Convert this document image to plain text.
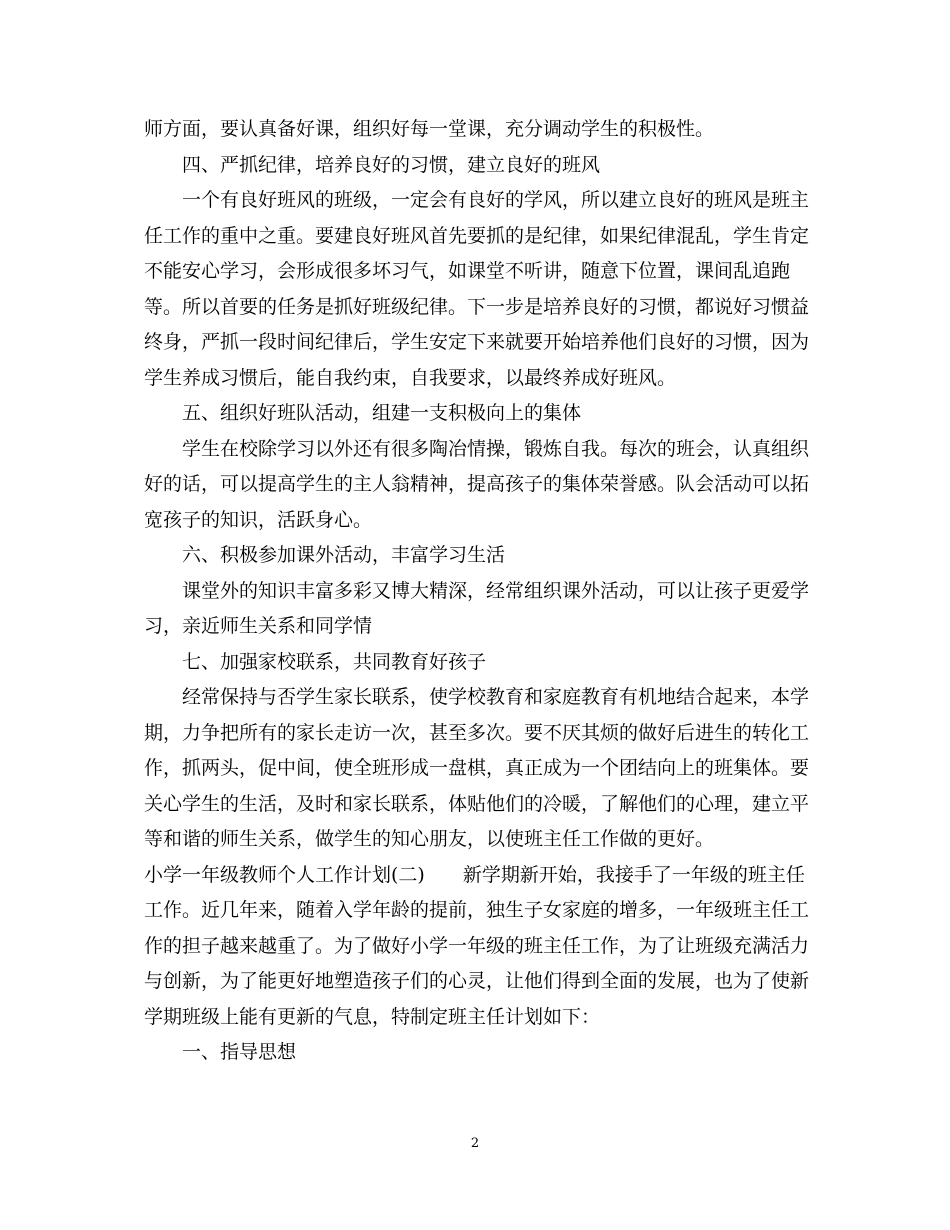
师方面，要认真备好课，组织好每一堂课，充分调动学生的积极性。
四、严抓纪律，培养良好的习惯，建立良好的班风
一个有良好班风的班级，一定会有良好的学风，所以建立良好的班风是班主
任工作的重中之重。要建良好班风首先要抓的是纪律，如果纪律混乱，学生肯定
不能安心学习，会形成很多坏习气，如课堂不听讲，随意下位置，课间乱追跑
等。所以首要的任务是抓好班级纪律。下一步是培养良好的习惯，都说好习惯益
终身，严抓一段时间纪律后，学生安定下来就要开始培养他们良好的习惯，因为
学生养成习惯后，能自我约束，自我要求，以最终养成好班风。
五、组织好班队活动，组建一支积极向上的集体
学生在校除学习以外还有很多陶冶情操，锻炼自我。每次的班会，认真组织
好的话，可以提高学生的主人翁精神，提高孩子的集体荣誉感。队会活动可以拓
宽孩子的知识，活跃身心。
六、积极参加课外活动，丰富学习生活
课堂外的知识丰富多彩又博大精深，经常组织课外活动，可以让孩子更爱学
习，亲近师生关系和同学情
七、加强家校联系，共同教育好孩子
经常保持与否学生家长联系，使学校教育和家庭教育有机地结合起来，本学
期，力争把所有的家长走访一次，甚至多次。要不厌其烦的做好后进生的转化工
作，抓两头，促中间，使全班形成一盘棋，真正成为一个团结向上的班集体。要
关心学生的生活，及时和家长联系，体贴他们的冷暖，了解他们的心理，建立平
等和谐的师生关系，做学生的知心朋友，以使班主任工作做的更好。
小学一年级教师个人工作计划(二)　　新学期新开始，我接手了一年级的班主任
工作。近几年来，随着入学年龄的提前，独生子女家庭的增多，一年级班主任工
作的担子越来越重了。为了做好小学一年级的班主任工作，为了让班级充满活力
与创新，为了能更好地塑造孩子们的心灵，让他们得到全面的发展，也为了使新
学期班级上能有更新的气息，特制定班主任计划如下：
一、指导思想
2
